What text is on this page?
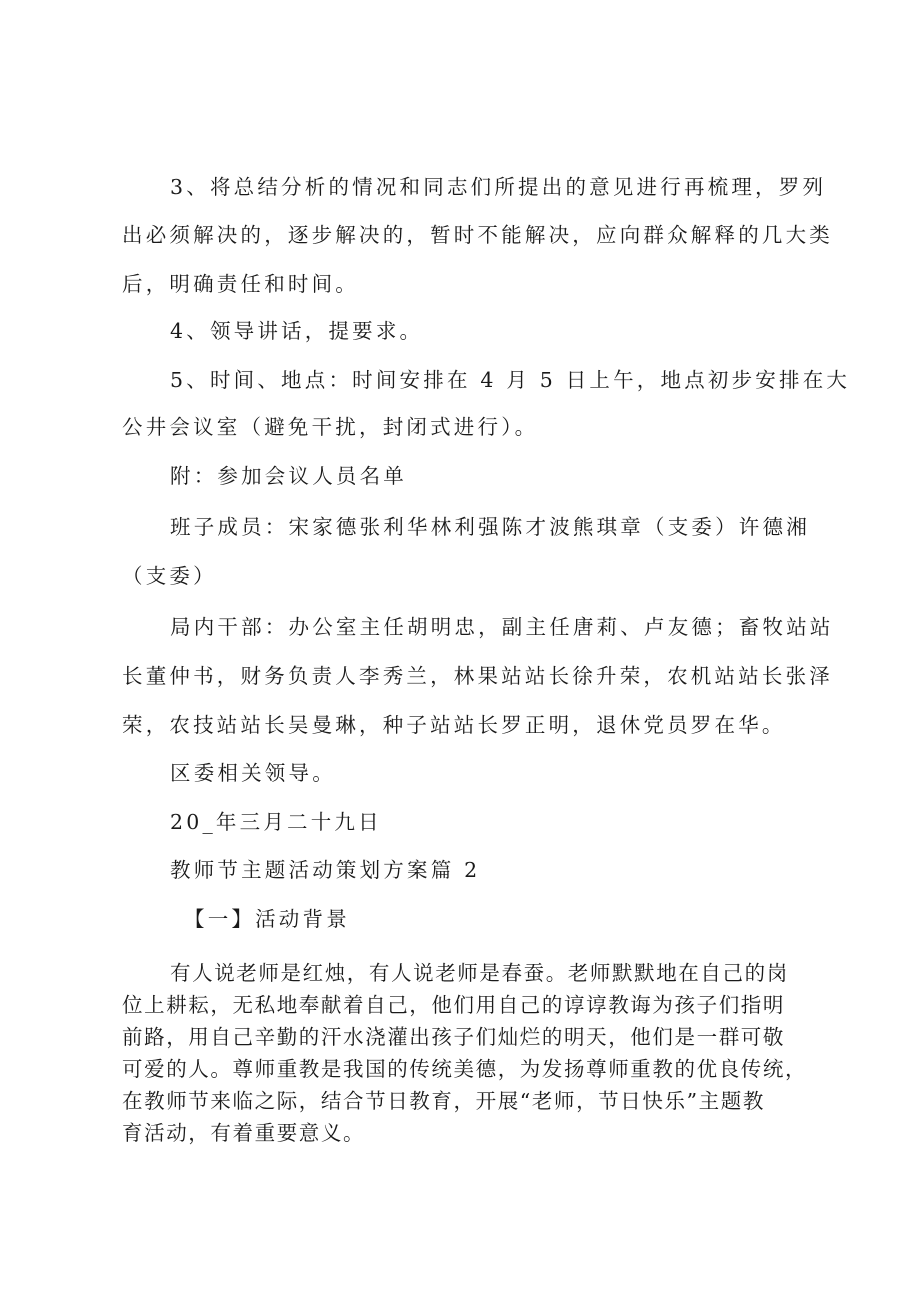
3、将总结分析的情况和同志们所提出的意见进行再梳理，罗列
出必须解决的，逐步解决的，暂时不能解决，应向群众解释的几大类
后，明确责任和时间。
4、领导讲话，提要求。
5、时间、地点：时间安排在 4 月 5 日上午，地点初步安排在大
公井会议室（避免干扰，封闭式进行）。
附：参加会议人员名单
班子成员：宋家德张利华林利强陈才波熊琪章（支委）许德湘
（支委）
局内干部：办公室主任胡明忠，副主任唐莉、卢友德；畜牧站站
长董仲书，财务负责人李秀兰，林果站站长徐升荣，农机站站长张泽
荣，农技站站长吴曼琳，种子站站长罗正明，退休党员罗在华。
区委相关领导。
20_年三月二十九日
教师节主题活动策划方案篇 2
【一】活动背景
有人说老师是红烛，有人说老师是春蚕。老师默默地在自己的岗
位上耕耘，无私地奉献着自己，他们用自己的谆谆教诲为孩子们指明
前路，用自己辛勤的汗水浇灌出孩子们灿烂的明天，他们是一群可敬
可爱的人。尊师重教是我国的传统美德，为发扬尊师重教的优良传统，
在教师节来临之际，结合节日教育，开展“老师，节日快乐”主题教
育活动，有着重要意义。
